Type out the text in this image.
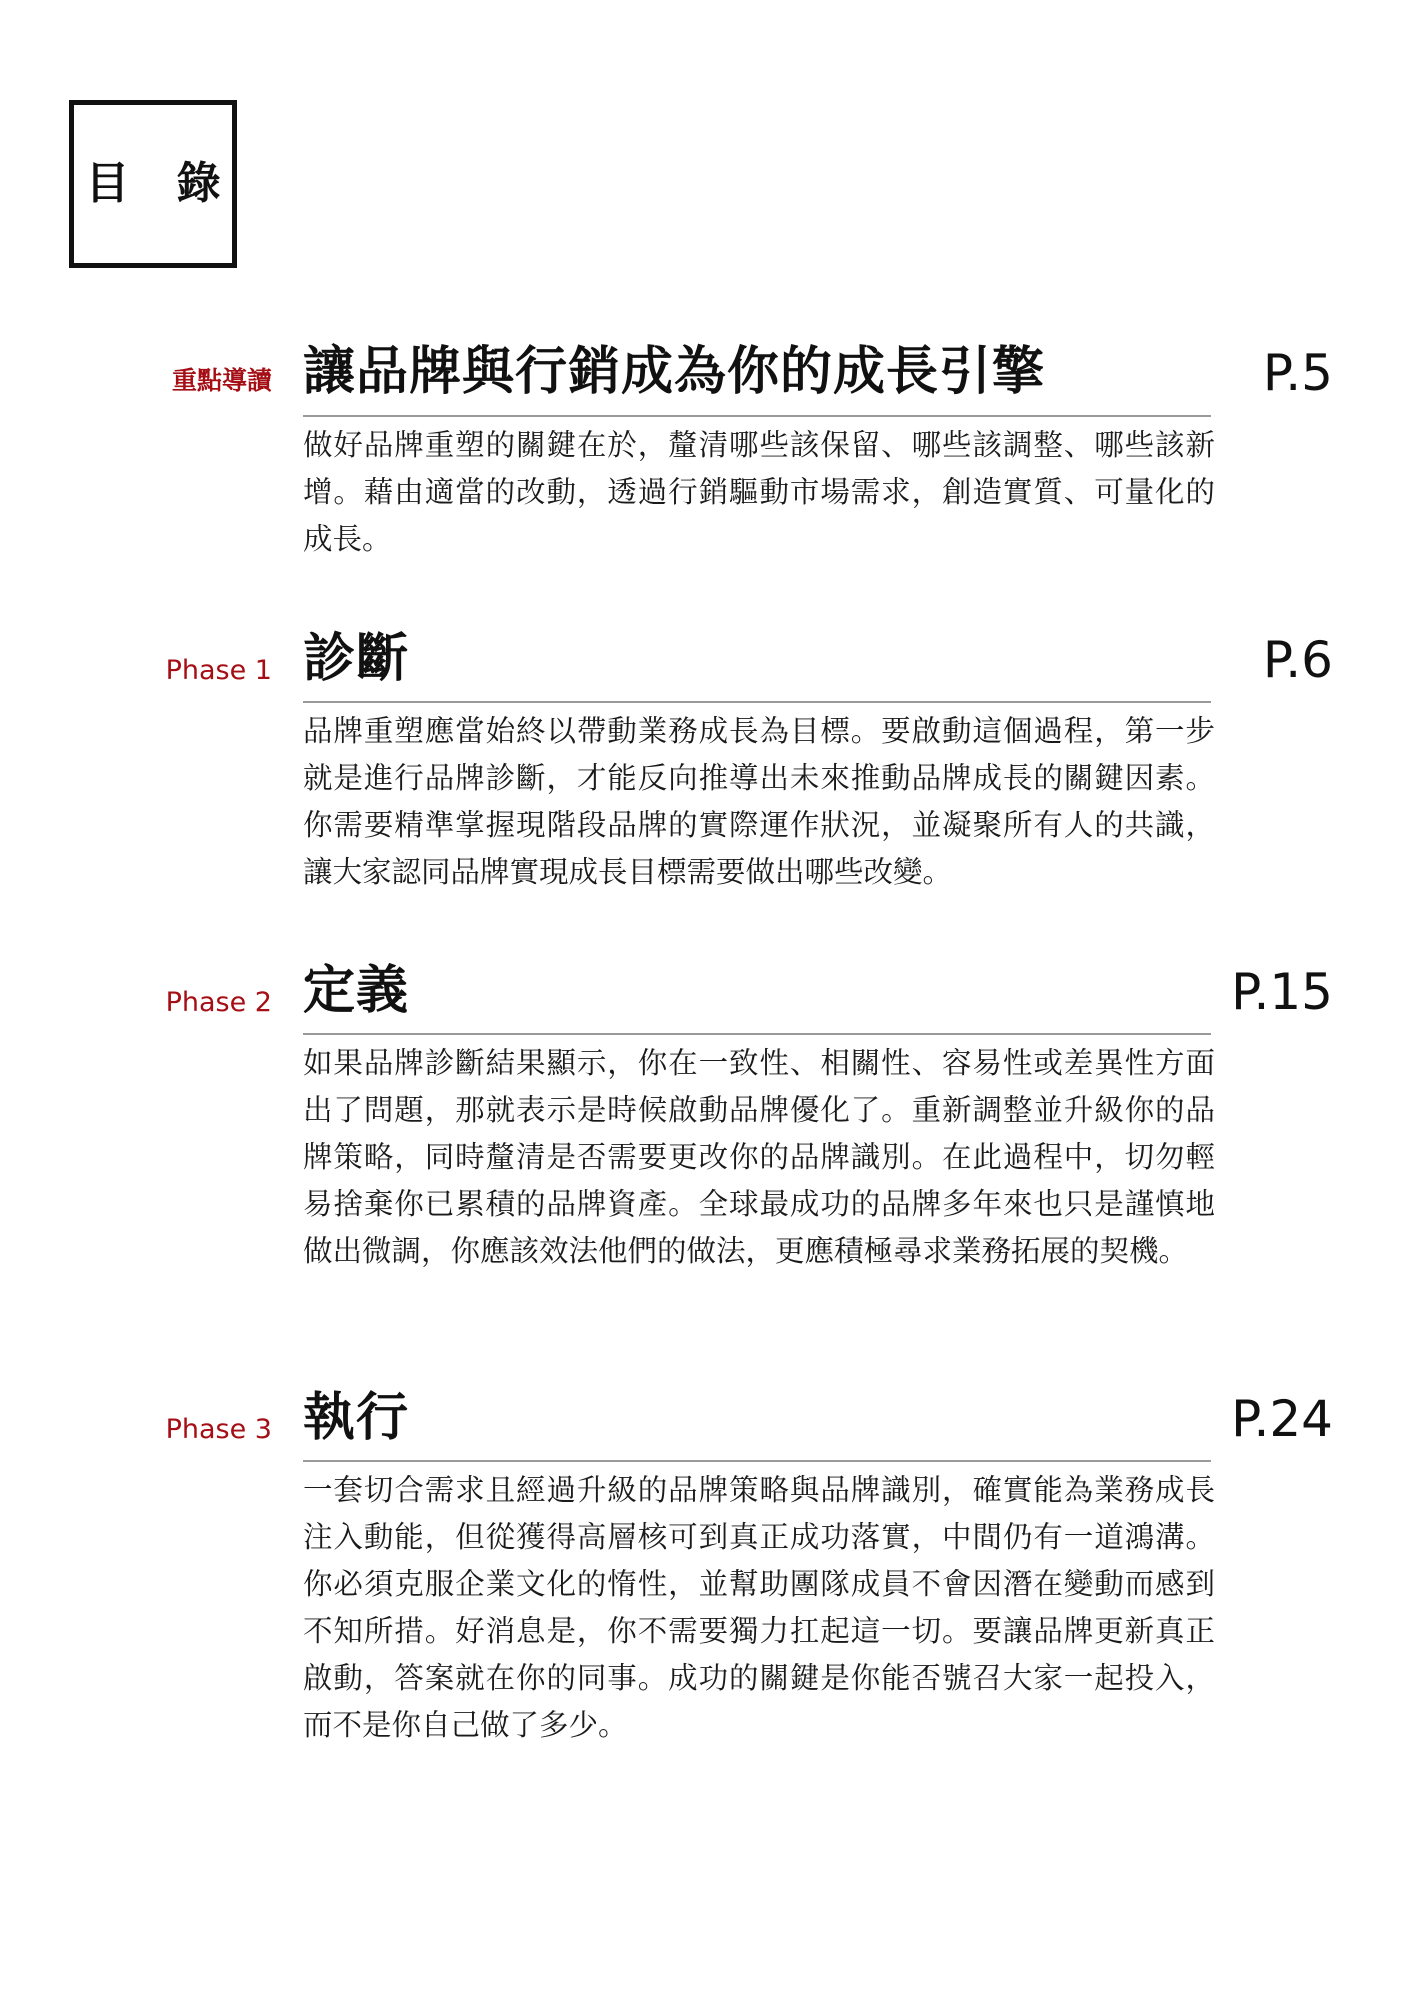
目 錄
重點導讀 讓品牌與行銷成為你的成長引擎	P.5
做好品牌重塑的關鍵在於，釐清哪些該保留、哪些該調整、哪些該新增。藉由適當的改動，透過行銷驅動市場需求，創造實質、可量化的成長。
Phase 1 診斷	P.6
品牌重塑應當始終以帶動業務成長為目標。要啟動這個過程，第一步就是進行品牌診斷，才能反向推導出未來推動品牌成長的關鍵因素。你需要精準掌握現階段品牌的實際運作狀況，並凝聚所有人的共識，讓大家認同品牌實現成長目標需要做出哪些改變。
Phase 2 定義	P.15
如果品牌診斷結果顯示，你在一致性、相關性、容易性或差異性方面出了問題，那就表示是時候啟動品牌優化了。重新調整並升級你的品牌策略，同時釐清是否需要更改你的品牌識別。在此過程中，切勿輕易捨棄你已累積的品牌資產。全球最成功的品牌多年來也只是謹慎地做出微調，你應該效法他們的做法，更應積極尋求業務拓展的契機。
Phase 3 執行	P.24
一套切合需求且經過升級的品牌策略與品牌識別，確實能為業務成長注入動能，但從獲得高層核可到真正成功落實，中間仍有一道鴻溝。你必須克服企業文化的惰性，並幫助團隊成員不會因潛在變動而感到不知所措。好消息是，你不需要獨力扛起這一切。要讓品牌更新真正啟動，答案就在你的同事。成功的關鍵是你能否號召大家一起投入，而不是你自己做了多少。
